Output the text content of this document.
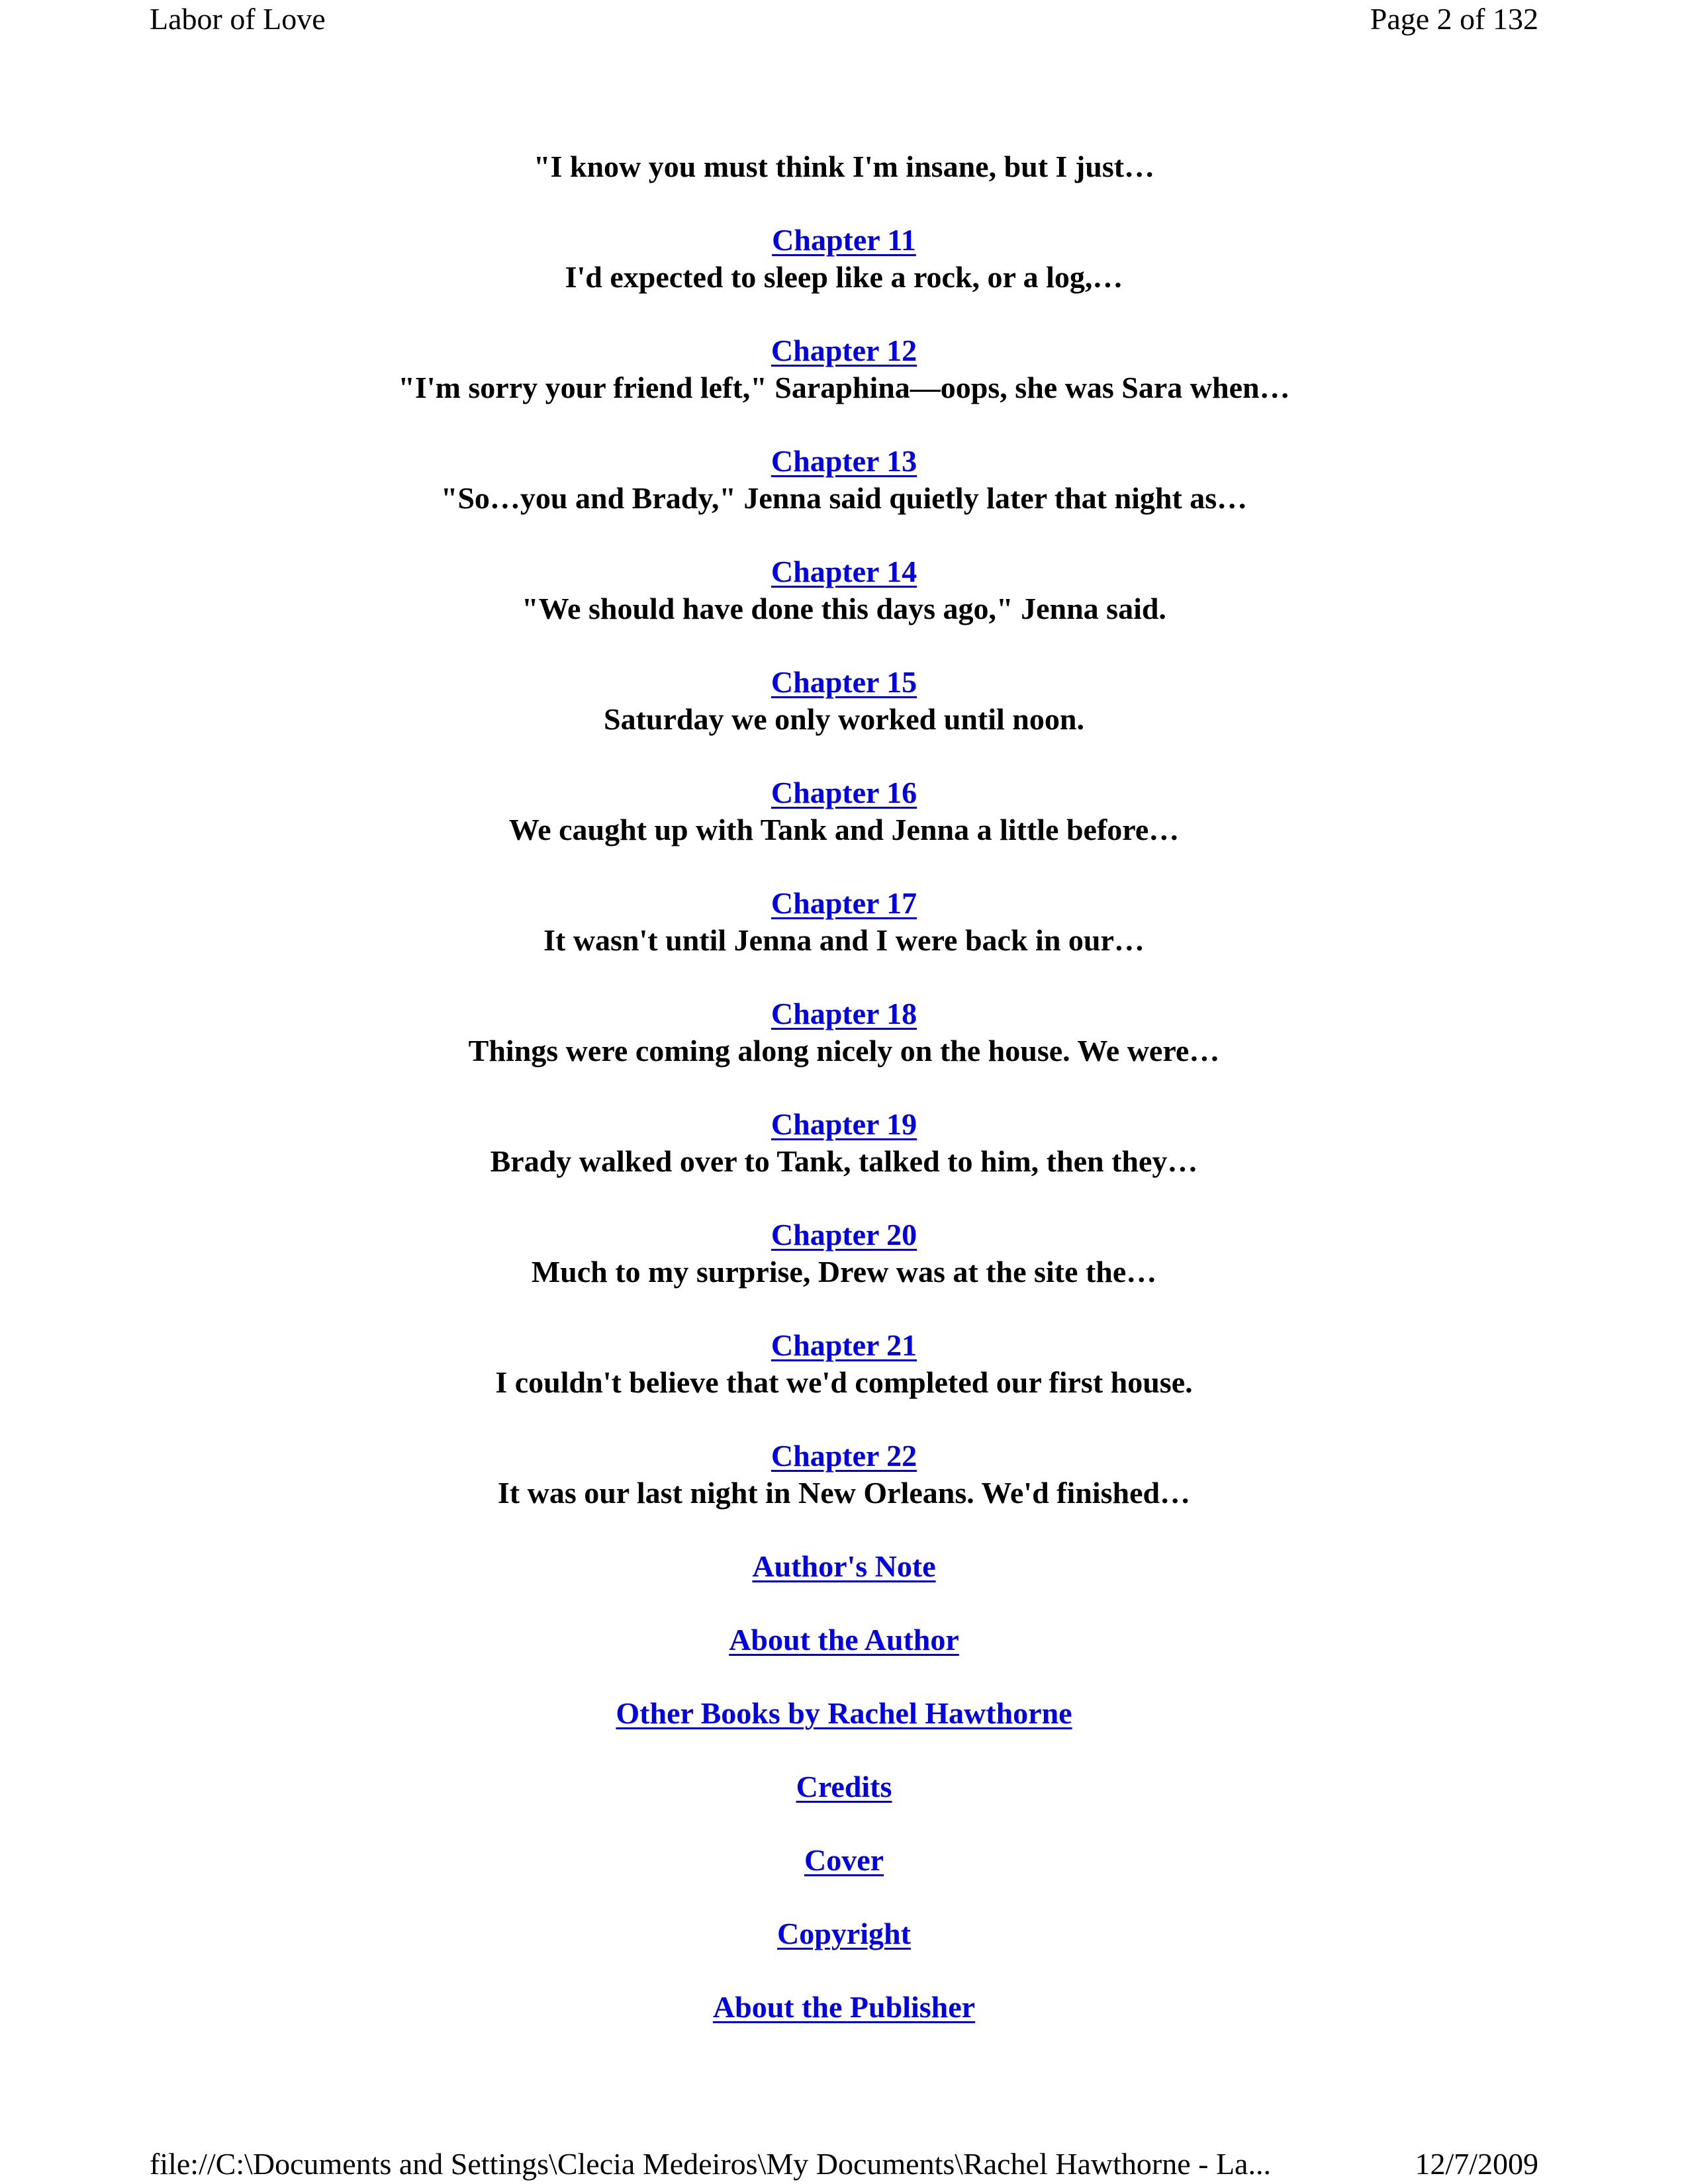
Labor of Love	Page 2 of 132
"I know you must think I'm insane, but I just…
Chapter 11
I'd expected to sleep like a rock, or a log,…
Chapter 12
"I'm sorry your friend left," Saraphina—oops, she was Sara when…
Chapter 13
"So…you and Brady," Jenna said quietly later that night as…
Chapter 14
"We should have done this days ago," Jenna said.
Chapter 15
Saturday we only worked until noon.
Chapter 16
We caught up with Tank and Jenna a little before…
Chapter 17
It wasn't until Jenna and I were back in our…
Chapter 18
Things were coming along nicely on the house. We were…
Chapter 19
Brady walked over to Tank, talked to him, then they…
Chapter 20
Much to my surprise, Drew was at the site the…
Chapter 21
I couldn't believe that we'd completed our first house.
Chapter 22
It was our last night in New Orleans. We'd finished…
Author's Note
About the Author
Other Books by Rachel Hawthorne
Credits
Cover
Copyright
About the Publisher
file://C:\Documents and Settings\Clecia Medeiros\My Documents\Rachel Hawthorne - La...	12/7/2009
